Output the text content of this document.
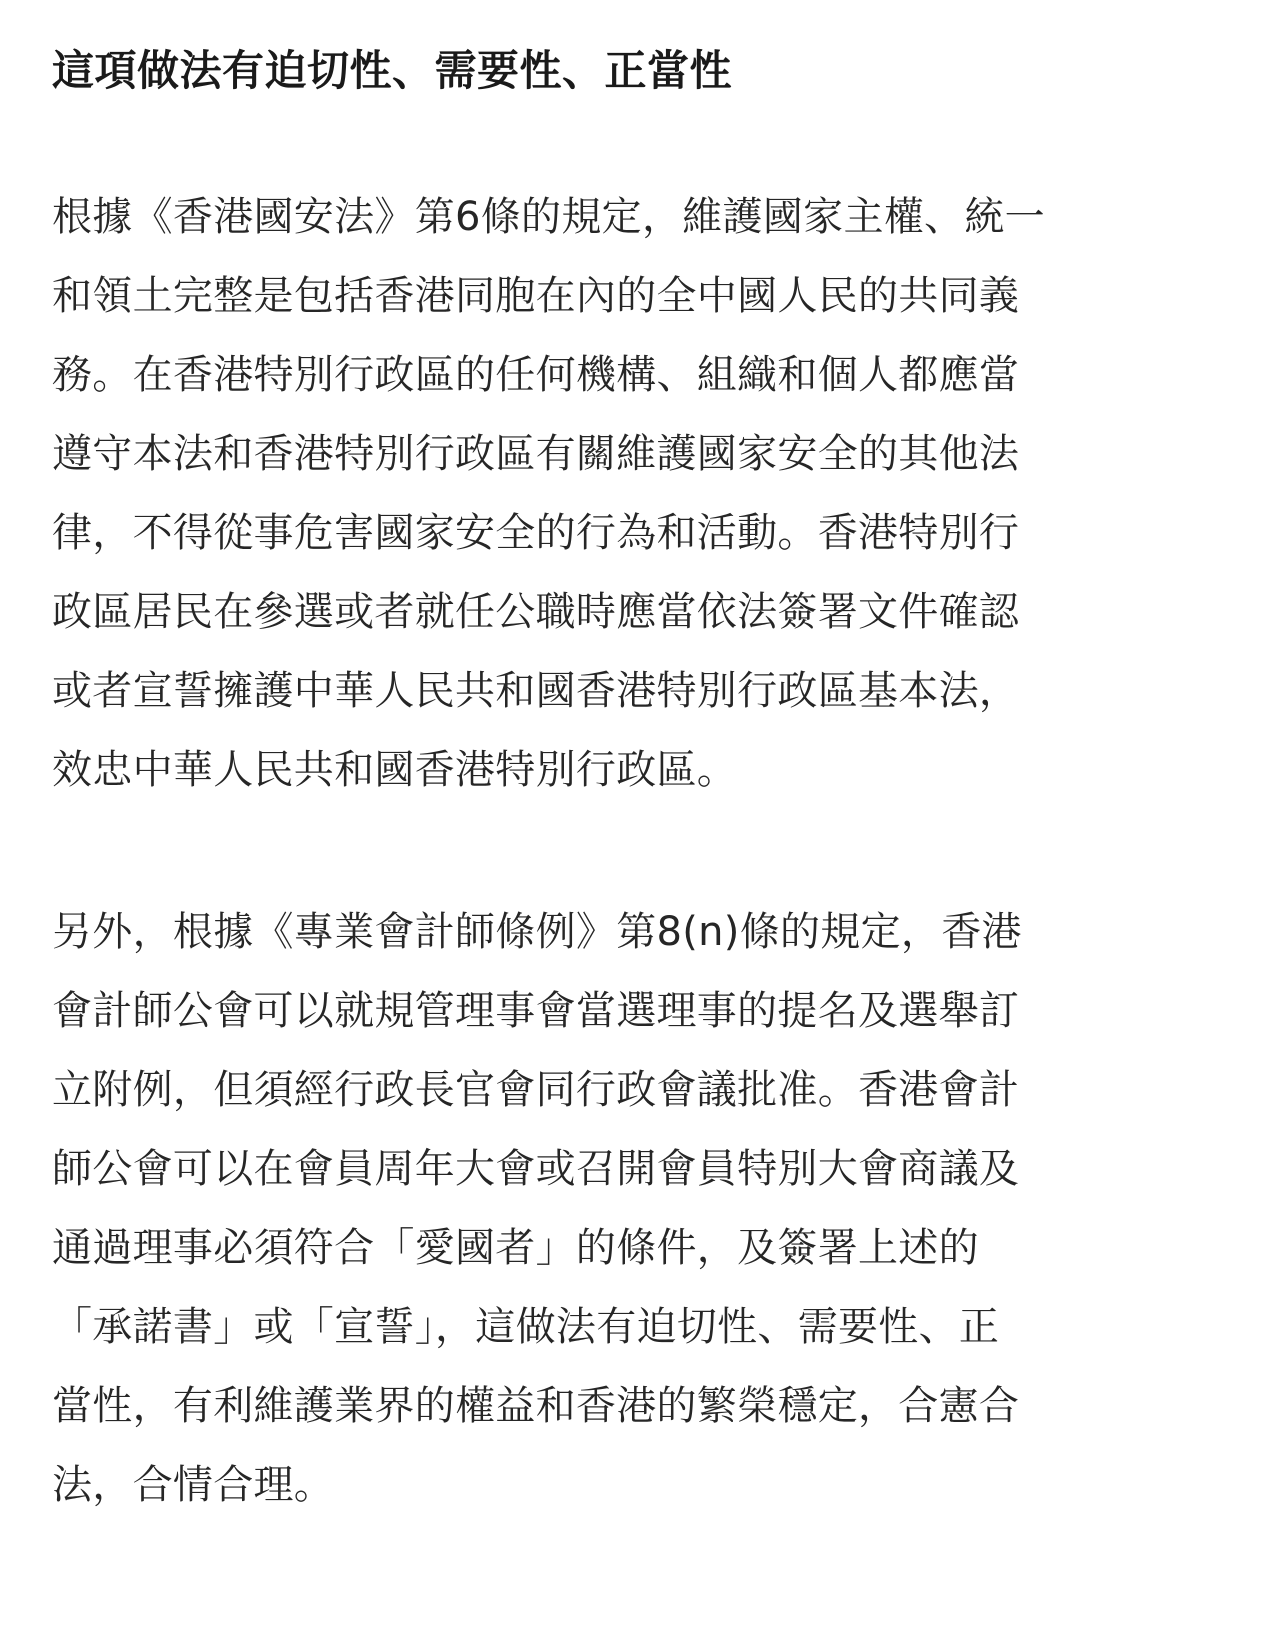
這項做法有迫切性、需要性、正當性

根據《香港國安法》第6條的規定，維護國家主權、統一
和領土完整是包括香港同胞在內的全中國人民的共同義
務。在香港特別行政區的任何機構、組織和個人都應當
遵守本法和香港特別行政區有關維護國家安全的其他法
律，不得從事危害國家安全的行為和活動。香港特別行
政區居民在參選或者就任公職時應當依法簽署文件確認
或者宣誓擁護中華人民共和國香港特別行政區基本法，
效忠中華人民共和國香港特別行政區。

另外，根據《專業會計師條例》第8(n)條的規定，香港
會計師公會可以就規管理事會當選理事的提名及選舉訂
立附例，但須經行政長官會同行政會議批准。香港會計
師公會可以在會員周年大會或召開會員特別大會商議及
通過理事必須符合「愛國者」的條件，及簽署上述的
「承諾書」或「宣誓」，這做法有迫切性、需要性、正
當性，有利維護業界的權益和香港的繁榮穩定，合憲合
法，合情合理。
